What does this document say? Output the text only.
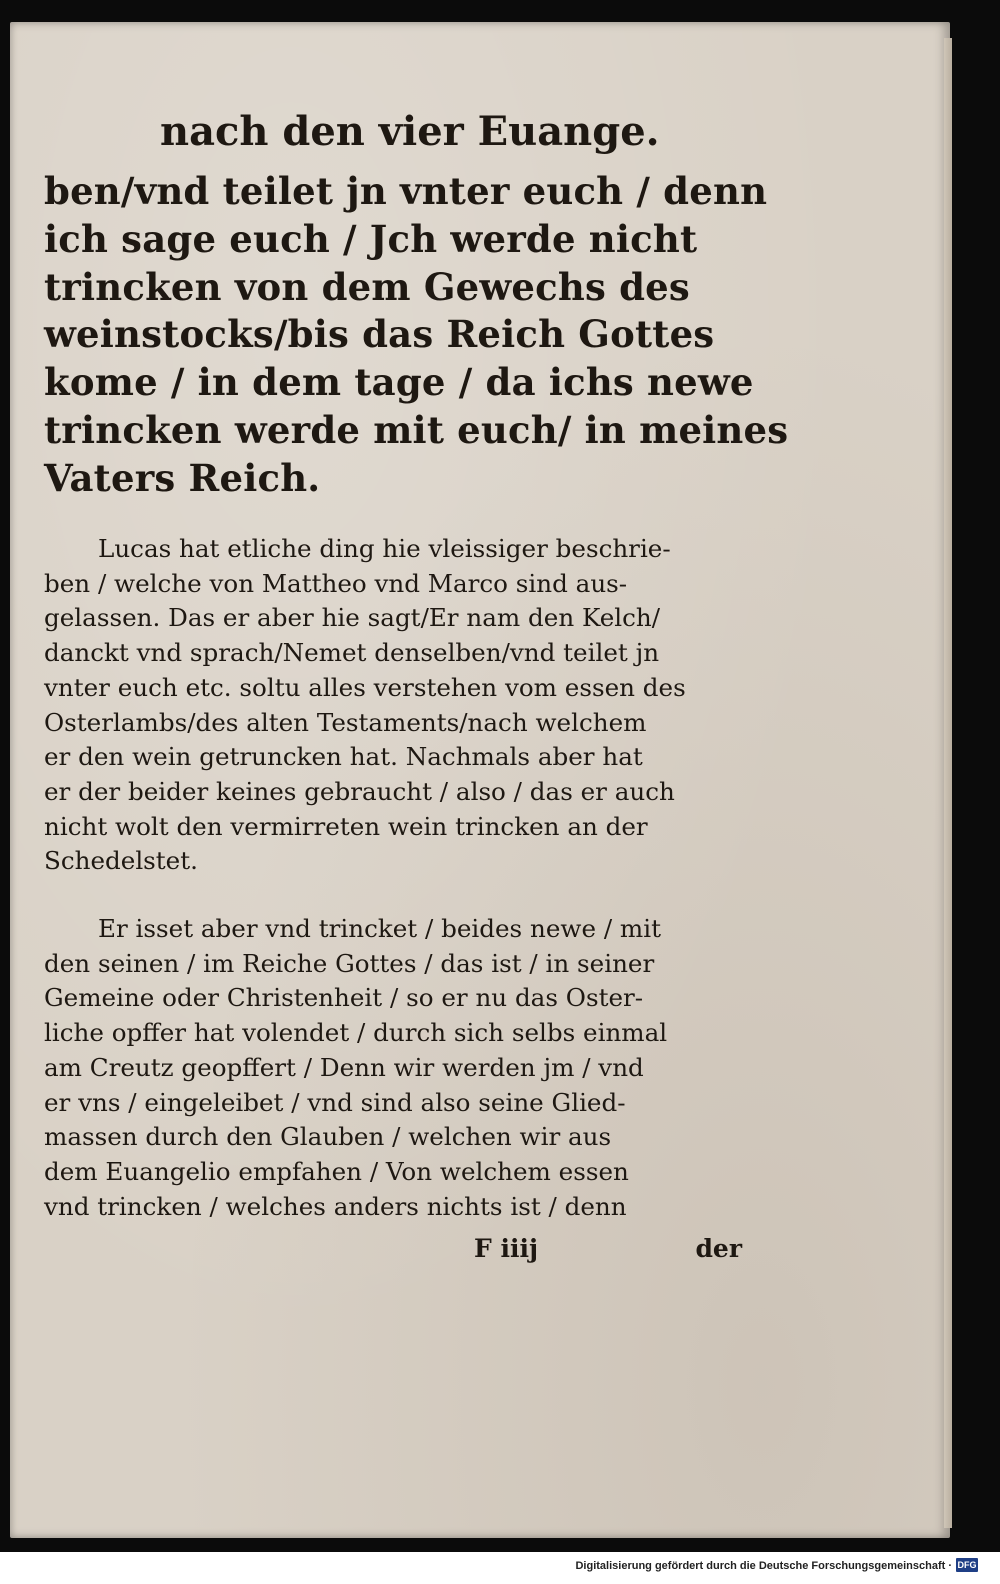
nach den vier Euange.
ben/vnd teilet jn vnter euch / denn
ich sage euch / Jch werde nicht
trincken von dem Gewechs des
weinstocks/bis das Reich Gottes
kome / in dem tage / da ichs newe
trincken werde mit euch/ in meines
Vaters Reich.
Lucas hat etliche ding hie vleissiger beschrie-
ben / welche von Mattheo vnd Marco sind aus-
gelassen. Das er aber hie sagt/Er nam den Kelch/
danckt vnd sprach/Nemet denselben/vnd teilet jn
vnter euch etc. soltu alles verstehen vom essen des
Osterlambs/des alten Testaments/nach welchem
er den wein getruncken hat. Nachmals aber hat
er der beider keines gebraucht / also / das er auch
nicht wolt den vermirreten wein trincken an der
Schedelstet.
Er isset aber vnd trincket / beides newe / mit
den seinen / im Reiche Gottes / das ist / in seiner
Gemeine oder Christenheit / so er nu das Oster-
liche opffer hat volendet / durch sich selbs einmal
am Creutz geopffert / Denn wir werden jm / vnd
er vns / eingeleibet / vnd sind also seine Glied-
massen durch den Glauben / welchen wir aus
dem Euangelio empfahen / Von welchem essen
vnd trincken / welches anders nichts ist / denn
F iiij	der
Digitalisierung gefördert durch die Deutsche Forschungsgemeinschaft · DFG
